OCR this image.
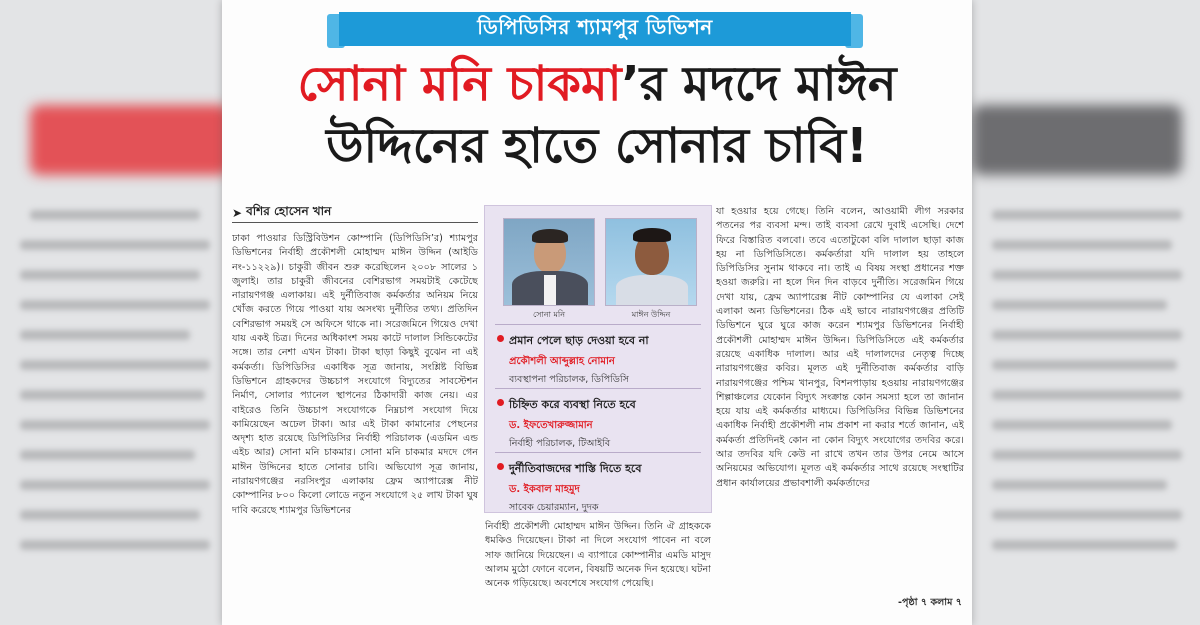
ডিপিডিসির শ্যামপুর ডিভিশন
সোনা মনি চাকমা’র মদদে মাঈন
উদ্দিনের হাতে সোনার চাবি!
➤ বশির হোসেন খান
ঢাকা পাওয়ার ডিস্ট্রিবিউশন কোম্পানি (ডিপিডিসি’র) শ্যামপুর ডিভিশনের নির্বাহী প্রকৌশলী মোহাম্মদ মাঈন উদ্দিন (আইডি নং-১১২২৯)। চাকুরী জীবন শুরু করেছিলেন ২০০৮ সালের ১ জুলাই। তার চাকুরী জীবনের বেশিরভাগ সময়টাই কেটেছে নারায়ণগঞ্জ এলাকায়। এই দুর্নীতিবাজ কর্মকর্তার অনিয়ম নিয়ে খোঁজ করতে গিয়ে পাওয়া যায় অসংখ্য দুর্নীতির তথ্য। প্রতিদিন বেশিরভাগ সময়ই সে অফিসে থাকে না। সরেজমিনে গিয়েও দেখা যায় একই চিত্র। দিনের অধিকাংশ সময় কাটে দালাল সিন্ডিকেটের সঙ্গে। তার নেশা এখন টাকা। টাকা ছাড়া কিছুই বুঝেন না এই কর্মকর্তা। ডিপিডিসির একাধিক সূত্র জানায়, সংশ্লিষ্ট বিভিন্ন ডিভিশনে গ্রাহকদের উচ্চচাপ সংযোগে বিদ্যুতের সাবস্টেশন নির্মাণ, সোলার প্যানেল স্থাপনের ঠিকাদারী কাজ নেয়। এর বাইরেও তিনি উচ্চচাপ সংযোগকে নিম্নচাপ সংযোগ দিয়ে কামিয়েছেন অঢেল টাকা। আর এই টাকা কামানোর পেছনের অদৃশ্য হাত রয়েছে ডিপিডিসির নির্বাহী পরিচালক (এডমিন এন্ড এইচ আর) সোনা মনি চাকমার। সোনা মনি চাকমার মদদে গেন মাঈন উদ্দিনের হাতে সোনার চাবি। অভিযোগ সূত্র জানায়, নারায়ণগঞ্জের নরসিংপুর এলাকায় ফ্রেম অ্যাপারেক্স নীট কোম্পানির ৮০০ কিলো লোডে নতুন সংযোগে ২৫ লাখ টাকা ঘুষ দাবি করেছে শ্যামপুর ডিভিশনের
সোনা মনি	মাঈন উদ্দিন
প্রমান পেলে ছাড় দেওয়া হবে না
প্রকৌশলী আব্দুল্লাহ নোমান
ব্যবস্থাপনা পরিচালক, ডিপিডিসি
চিহ্নিত করে ব্যবস্থা নিতে হবে
ড. ইফতেখারুজ্জামান
নির্বাহী পরিচালক, টিআইবি
দুর্নীতিবাজদের শাস্তি দিতে হবে
ড. ইকবাল মাহমুদ
সাবেক চেয়ারম্যান, দুদক
নির্বাহী প্রকৌশলী মোহাম্মদ মাঈন উদ্দিন। তিনি ঐ গ্রাহককে ধমকিও দিয়েছেন। টাকা না দিলে সংযোগ পাবেন না বলে সাফ জানিয়ে দিয়েছেন। এ ব্যাপারে কোম্পানীর এমডি মাসুদ আলম মুঠো ফোনে বলেন, বিষয়টি অনেক দিন হয়েছে। ঘটনা অনেক গড়িয়েছে। অবশেষে সংযোগ পেয়েছি।
যা হওয়ার হয়ে গেছে। তিনি বলেন, আওয়ামী লীগ সরকার পতনের পর ব্যবসা মন্দ। তাই ব্যবসা রেখে দুবাই এসেছি। দেশে ফিরে বিস্তারিত বলবো। তবে এতোটুকো বলি দালাল ছাড়া কাজ হয় না ডিপিডিসিতে। কর্মকর্তারা যদি দালাল হয় তাহলে ডিপিডিসির সুনাম থাকবে না। তাই এ বিষয় সংস্থা প্রধানের শক্ত হওয়া জরুরি। না হলে দিন দিন বাড়বে দুর্নীতি। সরেজমিন গিয়ে দেখা যায়, ফ্রেম অ্যাপারেক্স নীট কোম্পানির যে এলাকা সেই এলাকা অন্য ডিভিশনের। ঠিক এই ভাবে নারায়ণগঞ্জের প্রতিটি ডিভিশনে ঘুরে ঘুরে কাজ করেন শ্যামপুর ডিভিশনের নির্বাহী প্রকৌশলী মোহাম্মদ মাঈন উদ্দিন। ডিপিডিসিতে এই কর্মকর্তার রয়েছে একাধিক দালাল। আর এই দালালদের নেতৃত্ব দিচ্ছে নারায়ণগঞ্জের কবির। মূলত এই দুর্নীতিবাজ কর্মকর্তার বাড়ি নারায়ণগঞ্জের পশ্চিম খানপুর, বিশনপাড়ায় হওয়ায় নারায়ণগঞ্জের শিল্পাঞ্চলের যেকোন বিদ্যুৎ সংক্রান্ত কোন সমস্যা হলে তা জানান হয়ে যায় এই কর্মকর্তার মাধ্যমে। ডিপিডিসির বিভিন্ন ডিভিশনের একাধিক নির্বাহী প্রকৌশলী নাম প্রকাশ না করার শর্তে জানান, এই কর্মকর্তা প্রতিদিনই কোন না কোন বিদ্যুৎ সংযোগের তদবির করে। আর তদবির যদি কেউ না রাখে তখন তার উপর নেমে আসে অনিয়মের অভিযোগ। মূলত এই কর্মকর্তার সাথে রয়েছে সংস্থাটির প্রধান কার্যালয়ের প্রভাবশালী কর্মকর্তাদের
-পৃষ্ঠা ৭ কলাম ৭
